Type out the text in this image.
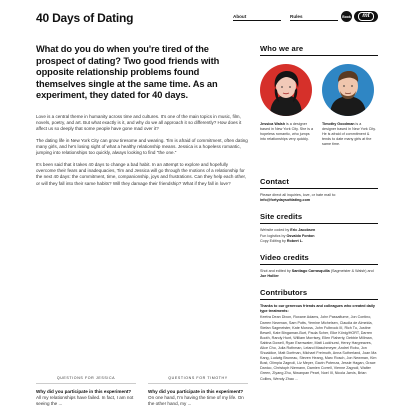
40 Days of Dating	About	Rules	Book	mt
What do you do when you're tired of the prospect of dating? Two good friends with opposite relationship problems found themselves single at the same time. As an experiment, they dated for 40 days.

Love is a central theme in humanity across time and cultures. It's one of the main topics in music, film, novels, poetry, and art. But what exactly is it, and why do we all approach it so differently? How does it affect us so deeply that some people have gone mad over it?

The dating life in New York City can grow tiresome and wearing. Tim is afraid of commitment, often dating many girls, and he's losing sight of what a healthy relationship means. Jessica is a hopeless romantic, jumping into relationships too quickly, always looking to find "the one."

It's been said that it takes 40 days to change a bad habit. In an attempt to explore and hopefully overcome their fears and inadequacies, Tim and Jessica will go through the motions of a relationship for the next 40 days: the commitment, time, companionship, joys and frustrations. Can they help each other, or will they fall into their same habits? Will they damage their friendship? What if they fall in love?

QUESTIONS FOR JESSICA
Why did you participate in this experiment?
All my relationships have failed. In fact, I am not seeing the ...
QUESTIONS FOR TIMOTHY
Why did you participate in this experiment?
On one hand, I'm having the time of my life. On the other hand, my ...
Who we are
Jessica Walsh is a designer based in New York City. She is a hopeless romantic, who jumps into relationships very quickly.
Timothy Goodman is a designer based in New York City. He is afraid of commitment & tends to date many girls at the same time.
Contact
Please direct all inquiries, love, or hate mail to:
info@fortydaysofdating.com
Site credits
Website coded by Eric Jacobsen
Fun logistics by Osvaldo Fonton
Copy Editing by Robert L.
Video credits
Shot and edited by Santiago Carrasquilla (Sagmeister & Walsh) and Joe Hollier
Contributors
Thanks to our generous friends and colleagues who created daily type treatments:
Keetra Dean Dixon, Roxane Adams, John Passafiume, Jon Contino, Darren Newman, Sam Potts, Yemine Michelsen, Claudia de Almeida, Stefan Sagmeister, Kate Moross, John Fulbrook III, Rich Tu, Justine Bewell, Kate Bingaman-Burt, Paula Scher, Eike König/HORT, Darren Booth, Randy Hunt, William Morrisey, Ellen Flaherty, Debbie Millman, Sabina Dowell, Ryan Esenwater, Matt Luckhurst, Henry Hargreaves, Alice Cho, Julia Rothman, Leland Maschmeyer, Andrei Robu, Jon Shoaldice, Matt Dorfman, Michael Freimuth, Anna Sutherland, Joan Ma Kang, Ludwig Bruneau, Steven Heang, Marc Rosch, Jon Newman, Kim Bost, Olimpia Zagnoli, Liz Meyer, Gavin Potenza, Jessie Hagan, Grace Danico, Christoph Niemann, Damien Correll, Vienne Zagnoli, Walter Green, Ziyang Zhu, Niwanpan Peart, Noel III, Nicola Jarvis, Brian Collins, Wendy Zhao ...
